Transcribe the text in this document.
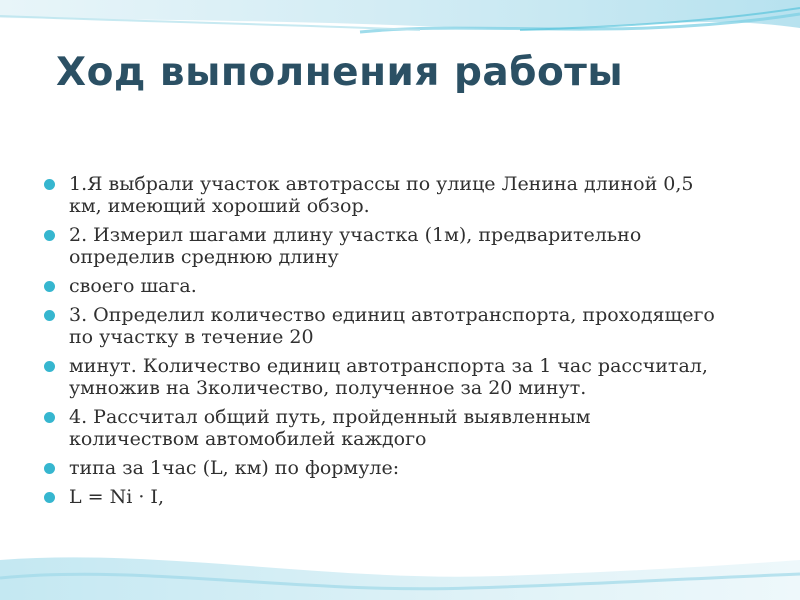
Ход выполнения работы
1.Я выбрали участок автотрассы по улице Ленина длиной 0,5 км, имеющий хороший обзор.
2. Измерил шагами длину участка (1м), предварительно определив среднюю длину
своего шага.
3. Определил количество единиц автотранспорта, проходящего по участку в течение 20
минут. Количество единиц автотранспорта за 1 час рассчитал, умножив на 3количество, полученное за 20 минут.
4. Рассчитал общий путь, пройденный выявленным количеством автомобилей каждого
типа за 1час (L, км) по формуле:
L = Ni · I,
